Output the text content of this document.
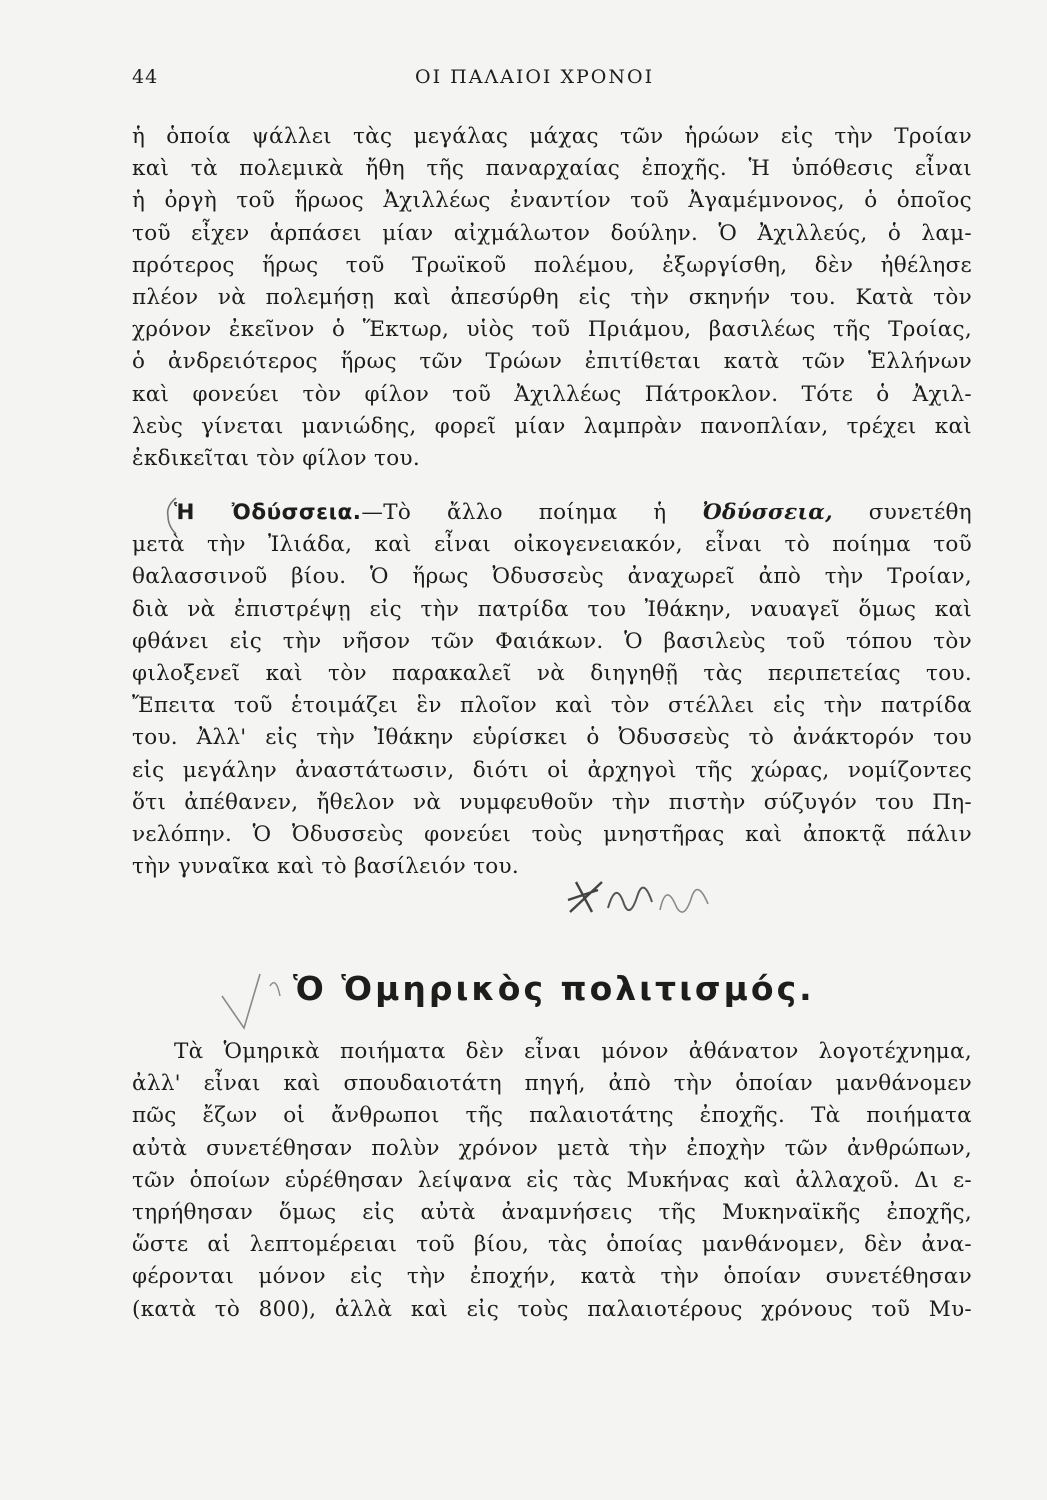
44	ΟΙ ΠΑΛΑΙΟΙ ΧΡΟΝΟΙ
ἡ ὁποία ψάλλει τὰς μεγάλας μάχας τῶν ἡρώων εἰς τὴν Τροίαν
καὶ τὰ πολεμικὰ ἤθη τῆς παναρχαίας ἐποχῆς. Ἡ ὑπόθεσις εἶναι
ἡ ὀργὴ τοῦ ἥρωος Ἀχιλλέως ἐναντίον τοῦ Ἀγαμέμνονος, ὁ ὁποῖος
τοῦ εἶχεν ἁρπάσει μίαν αἰχμάλωτον δούλην. Ὁ Ἀχιλλεύς, ὁ λαμ-
πρότερος ἥρως τοῦ Τρωϊκοῦ πολέμου, ἐξωργίσθη, δὲν ἠθέλησε
πλέον νὰ πολεμήσῃ καὶ ἀπεσύρθη εἰς τὴν σκηνήν του. Κατὰ τὸν
χρόνον ἐκεῖνον ὁ Ἕκτωρ, υἱὸς τοῦ Πριάμου, βασιλέως τῆς Τροίας,
ὁ ἀνδρειότερος ἥρως τῶν Τρώων ἐπιτίθεται κατὰ τῶν Ἑλλήνων
καὶ φονεύει τὸν φίλον τοῦ Ἀχιλλέως Πάτροκλον. Τότε ὁ Ἀχιλ-
λεὺς γίνεται μανιώδης, φορεῖ μίαν λαμπρὰν πανοπλίαν, τρέχει καὶ
ἐκδικεῖται τὸν φίλον του.
Ἡ Ὀδύσσεια.—Τὸ ἄλλο ποίημα ἡ Ὀδύσσεια, συνετέθη
μετὰ τὴν Ἰλιάδα, καὶ εἶναι οἰκογενειακόν, εἶναι τὸ ποίημα τοῦ
θαλασσινοῦ βίου. Ὁ ἥρως Ὀδυσσεὺς ἀναχωρεῖ ἀπὸ τὴν Τροίαν,
διὰ νὰ ἐπιστρέψῃ εἰς τὴν πατρίδα του Ἰθάκην, ναυαγεῖ ὅμως καὶ
φθάνει εἰς τὴν νῆσον τῶν Φαιάκων. Ὁ βασιλεὺς τοῦ τόπου τὸν
φιλοξενεῖ καὶ τὸν παρακαλεῖ νὰ διηγηθῇ τὰς περιπετείας του.
Ἔπειτα τοῦ ἑτοιμάζει ἓν πλοῖον καὶ τὸν στέλλει εἰς τὴν πατρίδα
του. Ἀλλ' εἰς τὴν Ἰθάκην εὑρίσκει ὁ Ὀδυσσεὺς τὸ ἀνάκτορόν του
εἰς μεγάλην ἀναστάτωσιν, διότι οἱ ἀρχηγοὶ τῆς χώρας, νομίζοντες
ὅτι ἀπέθανεν, ἤθελον νὰ νυμφευθοῦν τὴν πιστὴν σύζυγόν του Πη-
νελόπην. Ὁ Ὀδυσσεὺς φονεύει τοὺς μνηστῆρας καὶ ἀποκτᾷ πάλιν
τὴν γυναῖκα καὶ τὸ βασίλειόν του.
Ὁ Ὁμηρικὸς πολιτισμός.
Τὰ Ὁμηρικὰ ποιήματα δὲν εἶναι μόνον ἀθάνατον λογοτέχνημα,
ἀλλ' εἶναι καὶ σπουδαιοτάτη πηγή, ἀπὸ τὴν ὁποίαν μανθάνομεν
πῶς ἔζων οἱ ἄνθρωποι τῆς παλαιοτάτης ἐποχῆς. Τὰ ποιήματα
αὐτὰ συνετέθησαν πολὺν χρόνον μετὰ τὴν ἐποχὴν τῶν ἀνθρώπων,
τῶν ὁποίων εὑρέθησαν λείψανα εἰς τὰς Μυκήνας καὶ ἀλλαχοῦ. Δι ε-
τηρήθησαν ὅμως εἰς αὐτὰ ἀναμνήσεις τῆς Μυκηναϊκῆς ἐποχῆς,
ὥστε αἱ λεπτομέρειαι τοῦ βίου, τὰς ὁποίας μανθάνομεν, δὲν ἀνα-
φέρονται μόνον εἰς τὴν ἐποχήν, κατὰ τὴν ὁποίαν συνετέθησαν
(κατὰ τὸ 800), ἀλλὰ καὶ εἰς τοὺς παλαιοτέρους χρόνους τοῦ Μυ-
